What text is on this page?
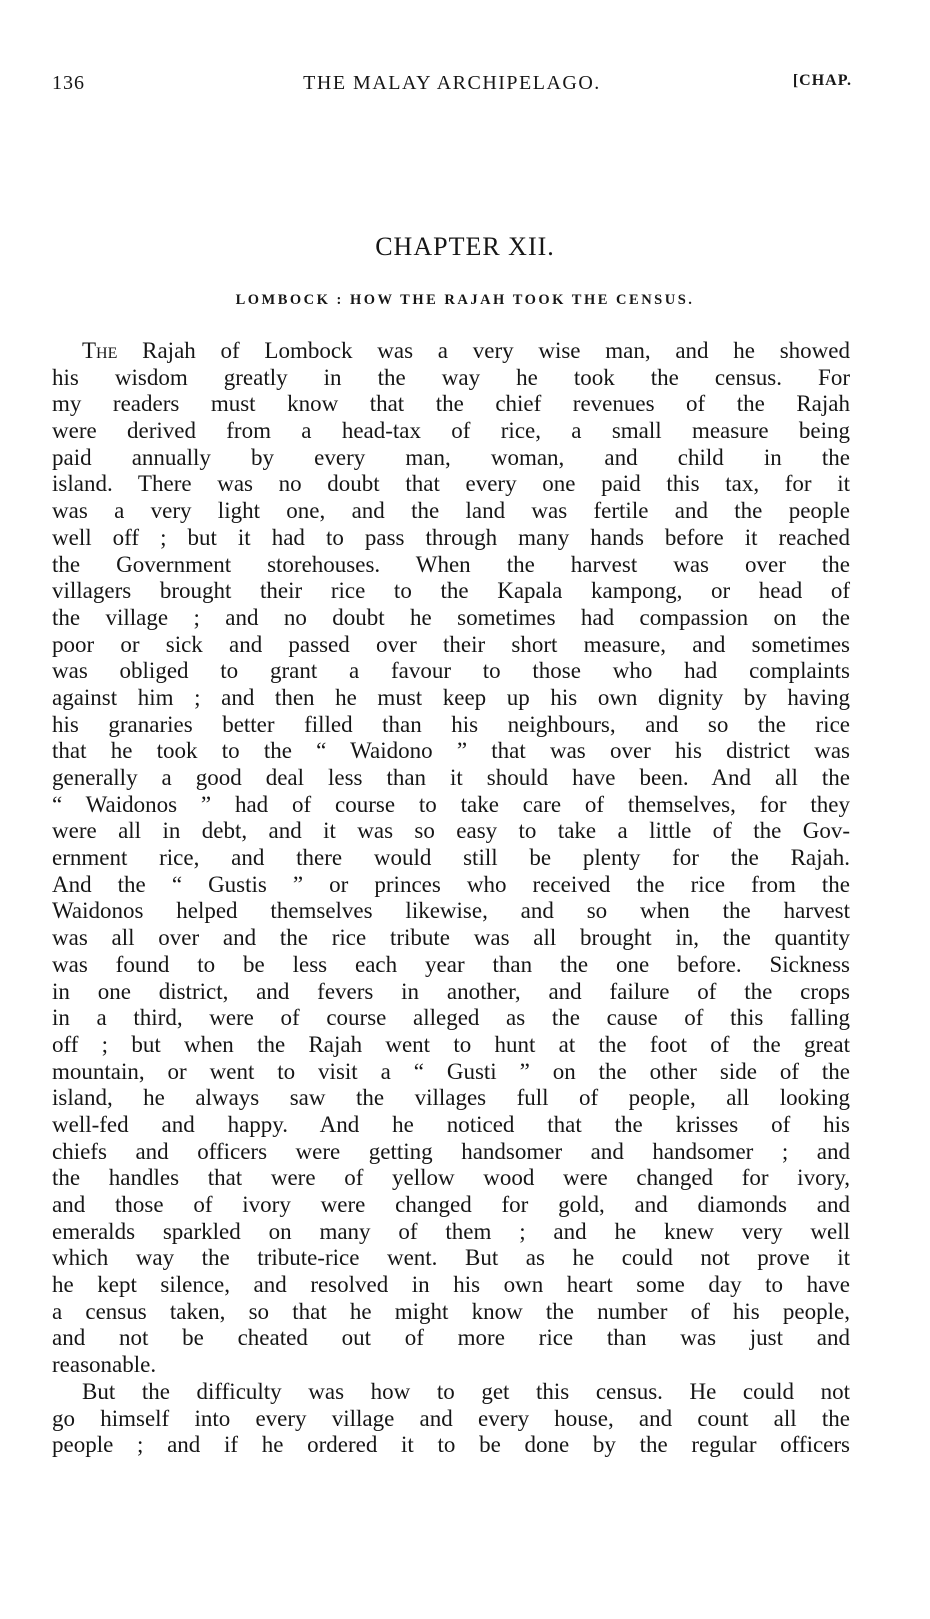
136	THE MALAY ARCHIPELAGO.	[CHAP.
CHAPTER XII.
LOMBOCK : HOW THE RAJAH TOOK THE CENSUS.
The Rajah of Lombock was a very wise man, and he showed
his wisdom greatly in the way he took the census. For
my readers must know that the chief revenues of the Rajah
were derived from a head-tax of rice, a small measure being
paid annually by every man, woman, and child in the
island. There was no doubt that every one paid this tax, for it
was a very light one, and the land was fertile and the people
well off ; but it had to pass through many hands before it reached
the Government storehouses. When the harvest was over the
villagers brought their rice to the Kapala kampong, or head of
the village ; and no doubt he sometimes had compassion on the
poor or sick and passed over their short measure, and sometimes
was obliged to grant a favour to those who had complaints
against him ; and then he must keep up his own dignity by having
his granaries better filled than his neighbours, and so the rice
that he took to the “ Waidono ” that was over his district was
generally a good deal less than it should have been. And all the
“ Waidonos ” had of course to take care of themselves, for they
were all in debt, and it was so easy to take a little of the Gov-
ernment rice, and there would still be plenty for the Rajah.
And the “ Gustis ” or princes who received the rice from the
Waidonos helped themselves likewise, and so when the harvest
was all over and the rice tribute was all brought in, the quantity
was found to be less each year than the one before. Sickness
in one district, and fevers in another, and failure of the crops
in a third, were of course alleged as the cause of this falling
off ; but when the Rajah went to hunt at the foot of the great
mountain, or went to visit a “ Gusti ” on the other side of the
island, he always saw the villages full of people, all looking
well-fed and happy. And he noticed that the krisses of his
chiefs and officers were getting handsomer and handsomer ; and
the handles that were of yellow wood were changed for ivory,
and those of ivory were changed for gold, and diamonds and
emeralds sparkled on many of them ; and he knew very well
which way the tribute-rice went. But as he could not prove it
he kept silence, and resolved in his own heart some day to have
a census taken, so that he might know the number of his people,
and not be cheated out of more rice than was just and
reasonable.
But the difficulty was how to get this census. He could not
go himself into every village and every house, and count all the
people ; and if he ordered it to be done by the regular officers
